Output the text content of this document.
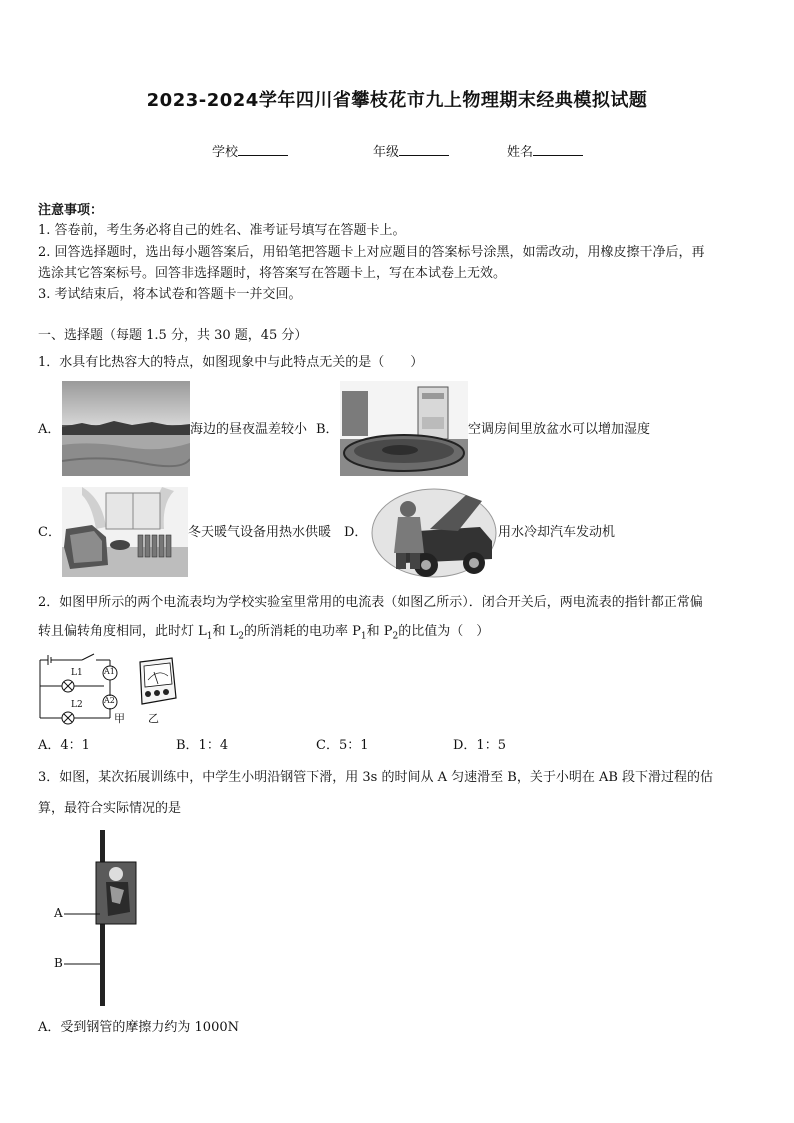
2023-2024学年四川省攀枝花市九上物理期末经典模拟试题
学校	年级	姓名
注意事项：
1. 答卷前，考生务必将自己的姓名、准考证号填写在答题卡上。
2. 回答选择题时，选出每小题答案后，用铅笔把答题卡上对应题目的答案标号涂黑，如需改动，用橡皮擦干净后，再
选涂其它答案标号。回答非选择题时，将答案写在答题卡上，写在本试卷上无效。
3. 考试结束后，将本试卷和答题卡一并交回。
一、选择题（每题 1.5 分，共 30 题，45 分）
1．水具有比热容大的特点，如图现象中与此特点无关的是（　　）
A．	海边的昼夜温差较小 B．	空调房间里放盆水可以增加湿度
C．	冬天暖气设备用热水供暖 D．	用水冷却汽车发动机
2．如图甲所示的两个电流表均为学校实验室里常用的电流表（如图乙所示）．闭合开关后，两电流表的指针都正常偏
转且偏转角度相同，此时灯 $L_1$和 $L_2$的所消耗的电功率 $P_1$和 $P_2$的比值为（　）
L1
L2
A1
A2
甲 乙
A．4：1	B．1：4	C．5：1	D．1：5
3．如图，某次拓展训练中，中学生小明沿钢管下滑，用 3s 的时间从 A 匀速滑至 B，关于小明在 AB 段下滑过程的估
算，最符合实际情况的是
A
B
A．受到钢管的摩擦力约为 1000N
